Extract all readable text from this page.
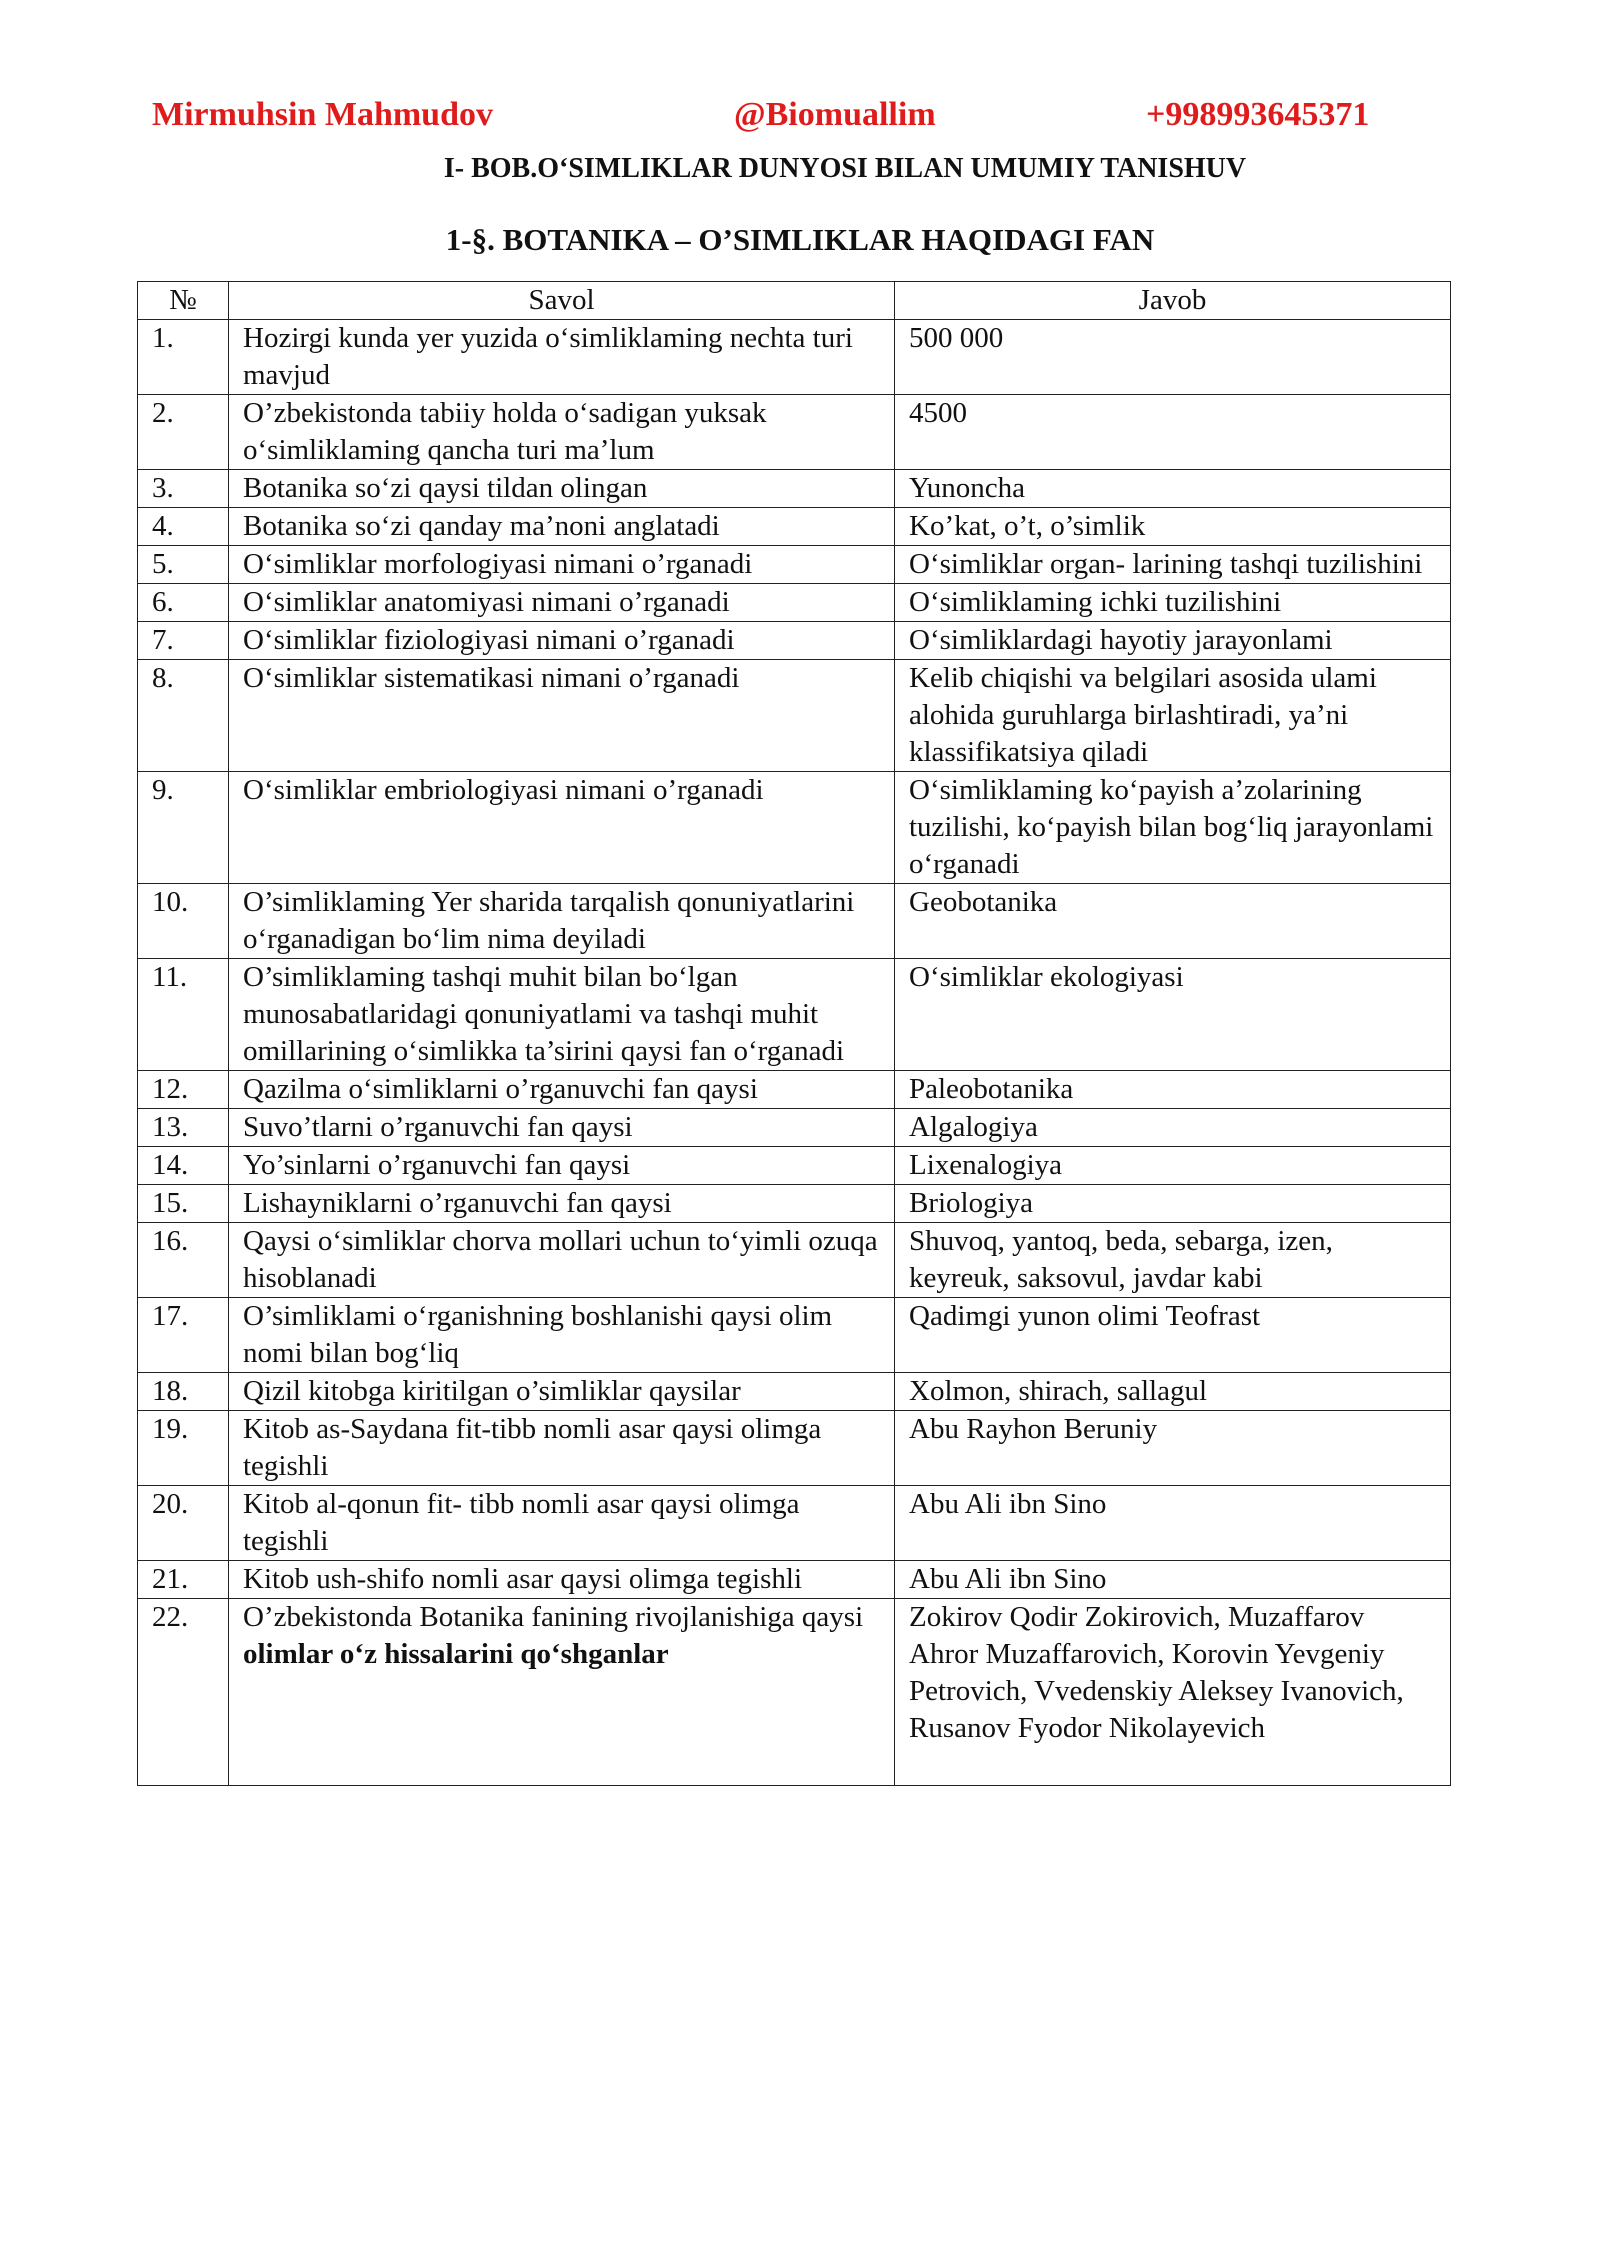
Mirmuhsin Mahmudov	@Biomuallim	+998993645371
I- BOB.O‘SIMLIKLAR DUNYOSI BILAN UMUMIY TANISHUV
1-§. BOTANIKA – O’SIMLIKLAR HAQIDAGI FAN
№	Savol	Javob
1.	Hozirgi kunda yer yuzida o‘simliklaming nechta turi mavjud	500 000
2.	O’zbekistonda tabiiy holda o‘sadigan yuksak o‘simliklaming qancha turi ma’lum	4500
3.	Botanika so‘zi qaysi tildan olingan	Yunoncha
4.	Botanika so‘zi qanday ma’noni anglatadi	Ko’kat, o’t, o’simlik
5.	O‘simliklar morfologiyasi nimani o’rganadi	O‘simliklar organ- larining tashqi tuzilishini
6.	O‘simliklar anatomiyasi nimani o’rganadi	O‘simliklaming ichki tuzilishini
7.	O‘simliklar fiziologiyasi nimani o’rganadi	O‘simliklardagi hayotiy jarayonlami
8.	O‘simliklar sistematikasi nimani o’rganadi	Kelib chiqishi va belgilari asosida ulami alohida guruhlarga birlashtiradi, ya’ni klassifikatsiya qiladi
9.	O‘simliklar embriologiyasi nimani o’rganadi	O‘simliklaming ko‘payish a’zolarining tuzilishi, ko‘payish bilan bog‘liq jarayonlami o‘rganadi
10.	O’simliklaming Yer sharida tarqalish qonuniyatlarini o‘rganadigan bo‘lim nima deyiladi	Geobotanika
11.	O’simliklaming tashqi muhit bilan bo‘lgan munosabatlaridagi qonuniyatlami va tashqi muhit omillarining o‘simlikka ta’sirini qaysi fan o‘rganadi	O‘simliklar ekologiyasi
12.	Qazilma o‘simliklarni o’rganuvchi fan qaysi	Paleobotanika
13.	Suvo’tlarni o’rganuvchi fan qaysi	Algalogiya
14.	Yo’sinlarni o’rganuvchi fan qaysi	Lixenalogiya
15.	Lishayniklarni o’rganuvchi fan qaysi	Briologiya
16.	Qaysi o‘simliklar chorva mollari uchun to‘yimli ozuqa hisoblanadi	Shuvoq, yantoq, beda, sebarga, izen, keyreuk, saksovul, javdar kabi
17.	O’simliklami o‘rganishning boshlanishi qaysi olim nomi bilan bog‘liq	Qadimgi yunon olimi Teofrast
18.	Qizil kitobga kiritilgan o’simliklar qaysilar	Xolmon, shirach, sallagul
19.	Kitob as-Saydana fit-tibb nomli asar qaysi olimga tegishli	Abu Rayhon Beruniy
20.	Kitob al-qonun fit- tibb nomli asar qaysi olimga tegishli	Abu Ali ibn Sino
21.	Kitob ush-shifo nomli asar qaysi olimga tegishli	Abu Ali ibn Sino
22.	O’zbekistonda Botanika fanining rivojlanishiga qaysi olimlar o‘z hissalarini qo‘shganlar	Zokirov Qodir Zokirovich, Muzaffarov Ahror Muzaffarovich, Korovin Yevgeniy Petrovich, Vvedenskiy Aleksey Ivanovich, Rusanov Fyodor Nikolayevich
